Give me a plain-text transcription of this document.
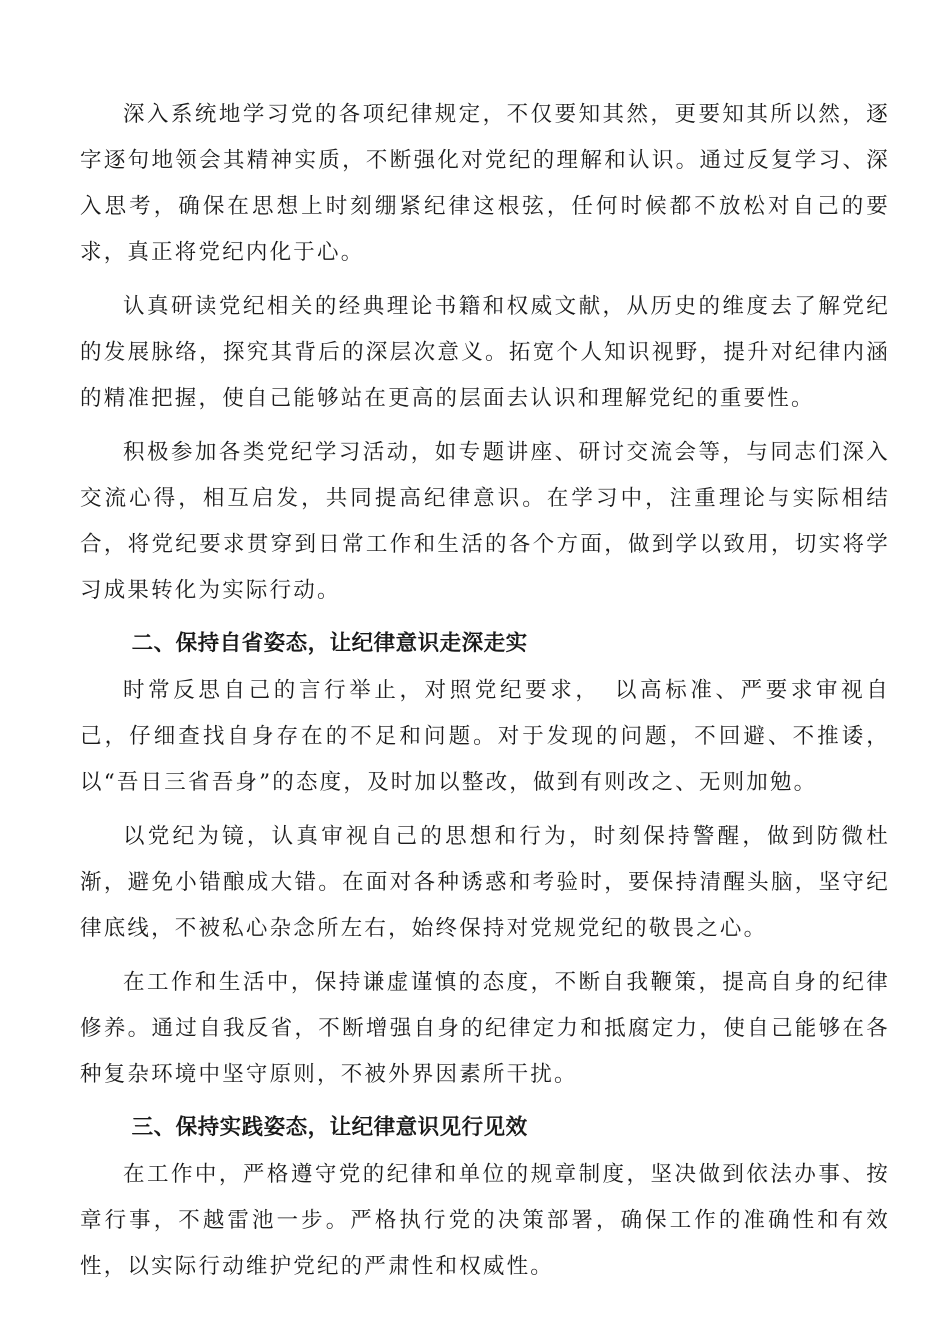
深入系统地学习党的各项纪律规定，不仅要知其然，更要知其所以然，逐字逐句地领会其精神实质，不断强化对党纪的理解和认识。通过反复学习、深入思考，确保在思想上时刻绷紧纪律这根弦，任何时候都不放松对自己的要求，真正将党纪内化于心。

认真研读党纪相关的经典理论书籍和权威文献，从历史的维度去了解党纪的发展脉络，探究其背后的深层次意义。拓宽个人知识视野，提升对纪律内涵的精准把握，使自己能够站在更高的层面去认识和理解党纪的重要性。

积极参加各类党纪学习活动，如专题讲座、研讨交流会等，与同志们深入交流心得，相互启发，共同提高纪律意识。在学习中，注重理论与实际相结合，将党纪要求贯穿到日常工作和生活的各个方面，做到学以致用，切实将学习成果转化为实际行动。

二、保持自省姿态，让纪律意识走深走实

时常反思自己的言行举止，对照党纪要求，　以高标准、严要求审视自己，仔细查找自身存在的不足和问题。对于发现的问题，不回避、不推诿，以“吾日三省吾身”的态度，及时加以整改，做到有则改之、无则加勉。

以党纪为镜，认真审视自己的思想和行为，时刻保持警醒，做到防微杜渐，避免小错酿成大错。在面对各种诱惑和考验时，要保持清醒头脑，坚守纪律底线，不被私心杂念所左右，始终保持对党规党纪的敬畏之心。

在工作和生活中，保持谦虚谨慎的态度，不断自我鞭策，提高自身的纪律修养。通过自我反省，不断增强自身的纪律定力和抵腐定力，使自己能够在各种复杂环境中坚守原则，不被外界因素所干扰。

三、保持实践姿态，让纪律意识见行见效

在工作中，严格遵守党的纪律和单位的规章制度，坚决做到依法办事、按章行事，不越雷池一步。严格执行党的决策部署，确保工作的准确性和有效性，以实际行动维护党纪的严肃性和权威性。
